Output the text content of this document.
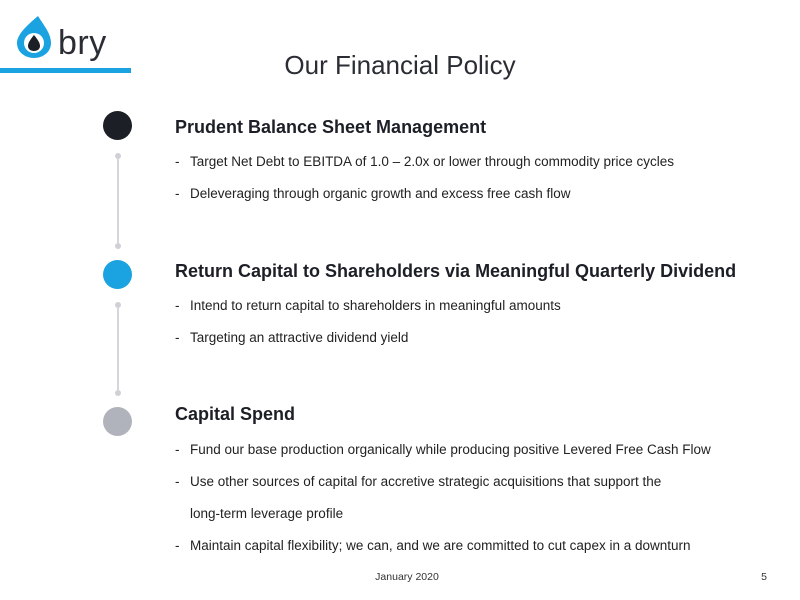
bry
Our Financial Policy
Prudent Balance Sheet Management
- Target Net Debt to EBITDA of 1.0 – 2.0x or lower through commodity price cycles
- Deleveraging through organic growth and excess free cash flow
Return Capital to Shareholders via Meaningful Quarterly Dividend
- Intend to return capital to shareholders in meaningful amounts
- Targeting an attractive dividend yield
Capital Spend
- Fund our base production organically while producing positive Levered Free Cash Flow
- Use other sources of capital for accretive strategic acquisitions that support the
long-term leverage profile
- Maintain capital flexibility; we can, and we are committed to cut capex in a downturn
January 2020	5
